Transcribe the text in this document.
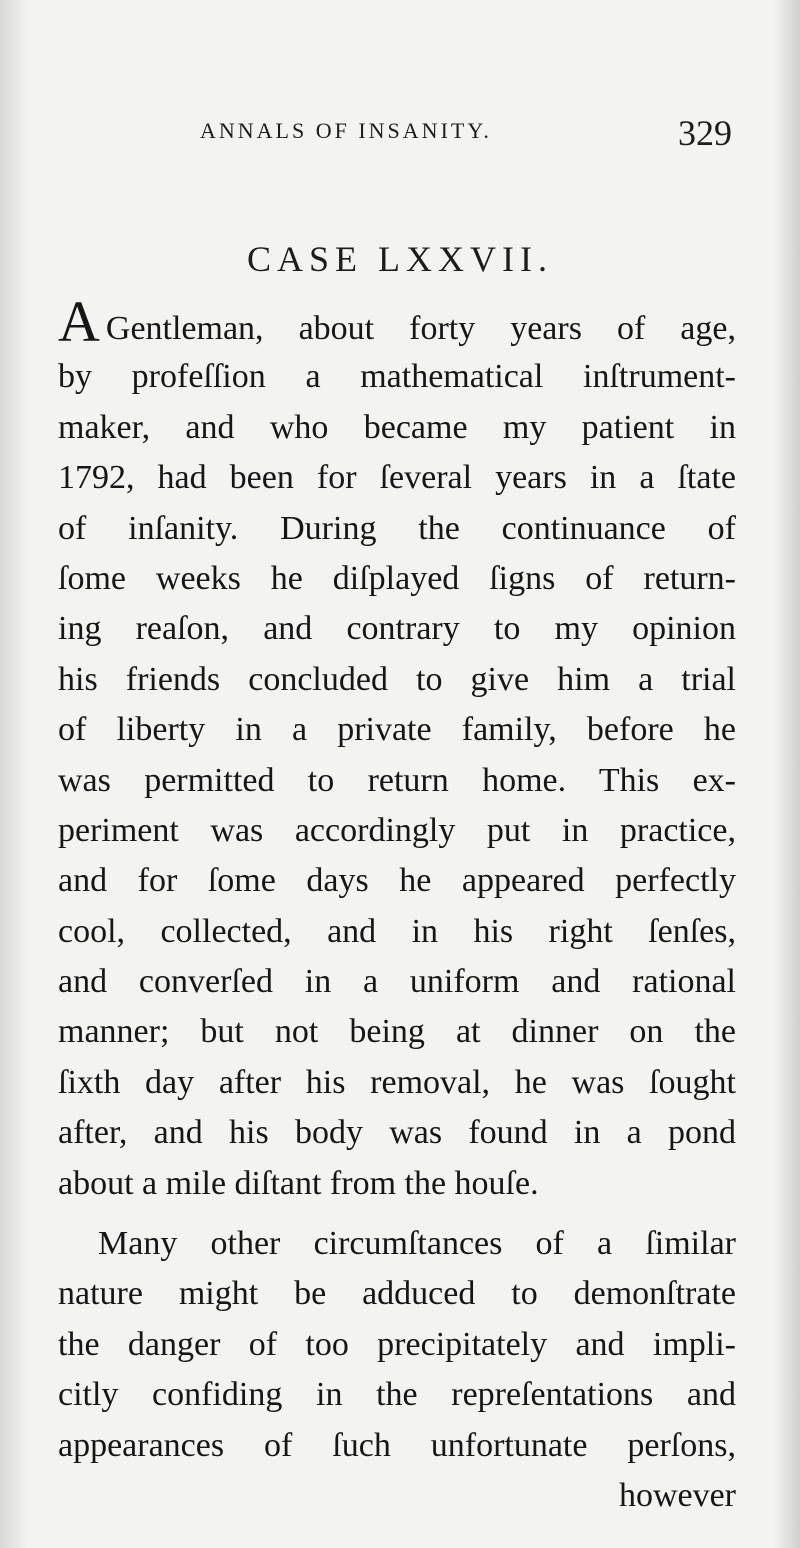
ANNALS OF INSANITY.	329
CASE LXXVII.
A Gentleman, about forty years of age,
by profeſſion a mathematical inſtrument-
maker, and who became my patient in
1792, had been for ſeveral years in a ſtate
of inſanity. During the continuance of
ſome weeks he diſplayed ſigns of return-
ing reaſon, and contrary to my opinion
his friends concluded to give him a trial
of liberty in a private family, before he
was permitted to return home. This ex-
periment was accordingly put in practice,
and for ſome days he appeared perfectly
cool, collected, and in his right ſenſes,
and converſed in a uniform and rational
manner; but not being at dinner on the
ſixth day after his removal, he was ſought
after, and his body was found in a pond
about a mile diſtant from the houſe.
Many other circumſtances of a ſimilar
nature might be adduced to demonſtrate
the danger of too precipitately and impli-
citly confiding in the repreſentations and
appearances of ſuch unfortunate perſons,
however
